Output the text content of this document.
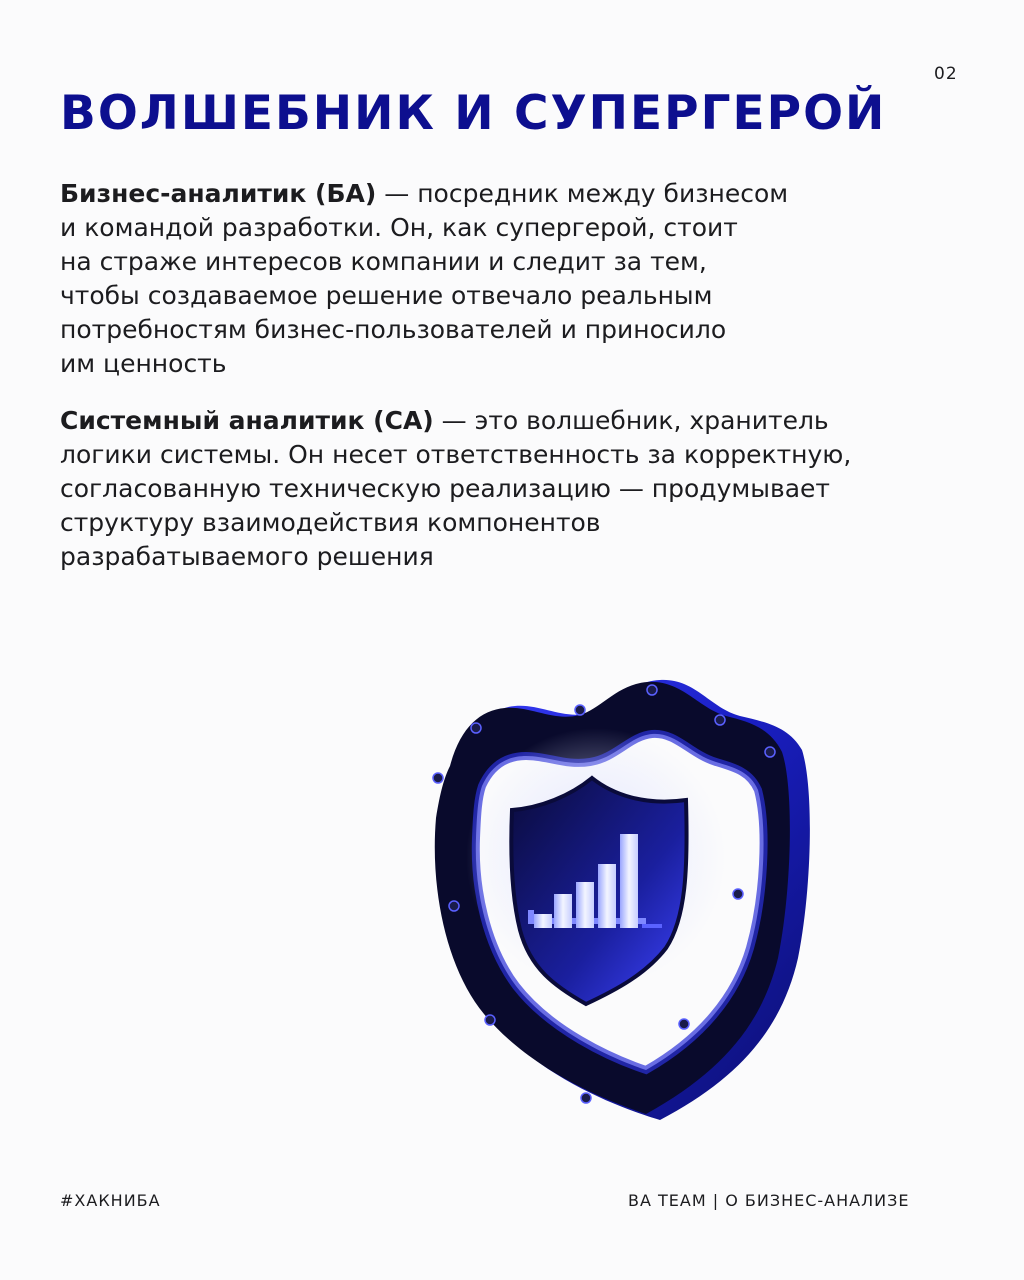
02
ВОЛШЕБНИК И СУПЕРГЕРОЙ

Бизнес-аналитик (БА) — посредник между бизнесом
и командой разработки. Он, как супергерой, стоит
на страже интересов компании и следит за тем,
чтобы создаваемое решение отвечало реальным
потребностям бизнес-пользователей и приносило
им ценность

Системный аналитик (СА) — это волшебник, хранитель
логики системы. Он несет ответственность за корректную,
согласованную техническую реализацию — продумывает
структуру взаимодействия компонентов
разрабатываемого решения

#ХАКНИБА	BA TEAM | О БИЗНЕС-АНАЛИЗЕ
